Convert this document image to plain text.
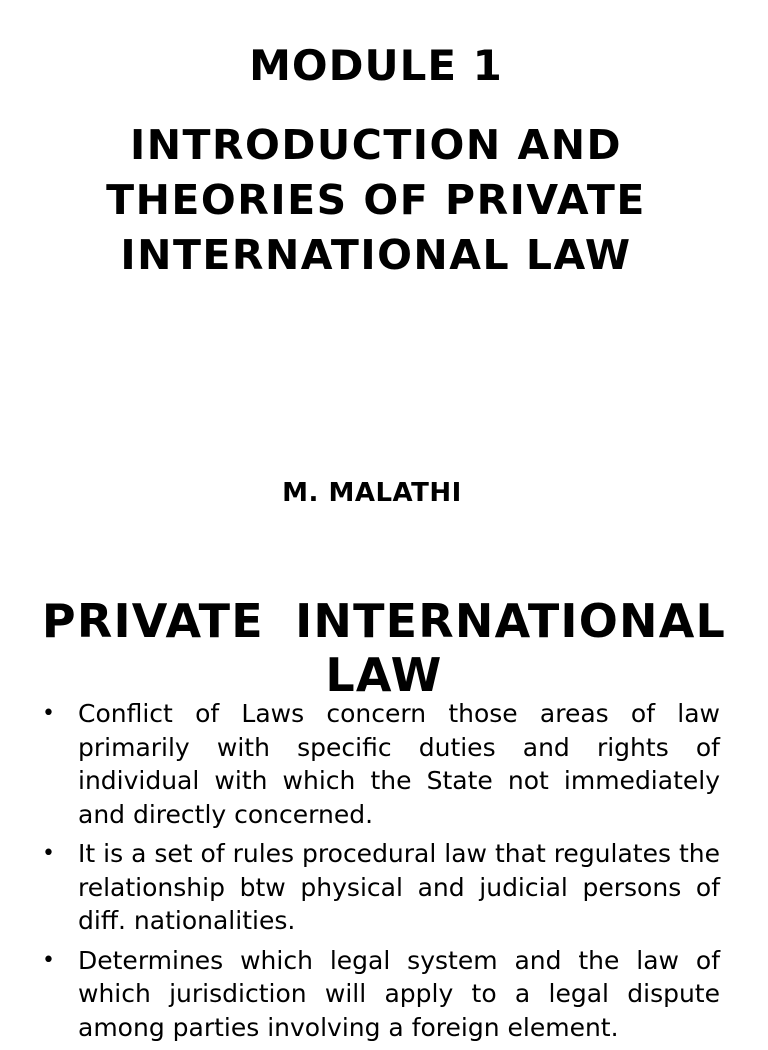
MODULE 1
INTRODUCTION AND
THEORIES OF PRIVATE
INTERNATIONAL LAW
M. MALATHI
PRIVATE INTERNATIONAL LAW
• Conflict of Laws concern those areas of law primarily with specific duties and rights of individual with which the State not immediately and directly concerned.
• It is a set of rules procedural law that regulates the relationship btw physical and judicial persons of diff. nationalities.
• Determines which legal system and the law of which jurisdiction will apply to a legal dispute among parties involving a foreign element.
